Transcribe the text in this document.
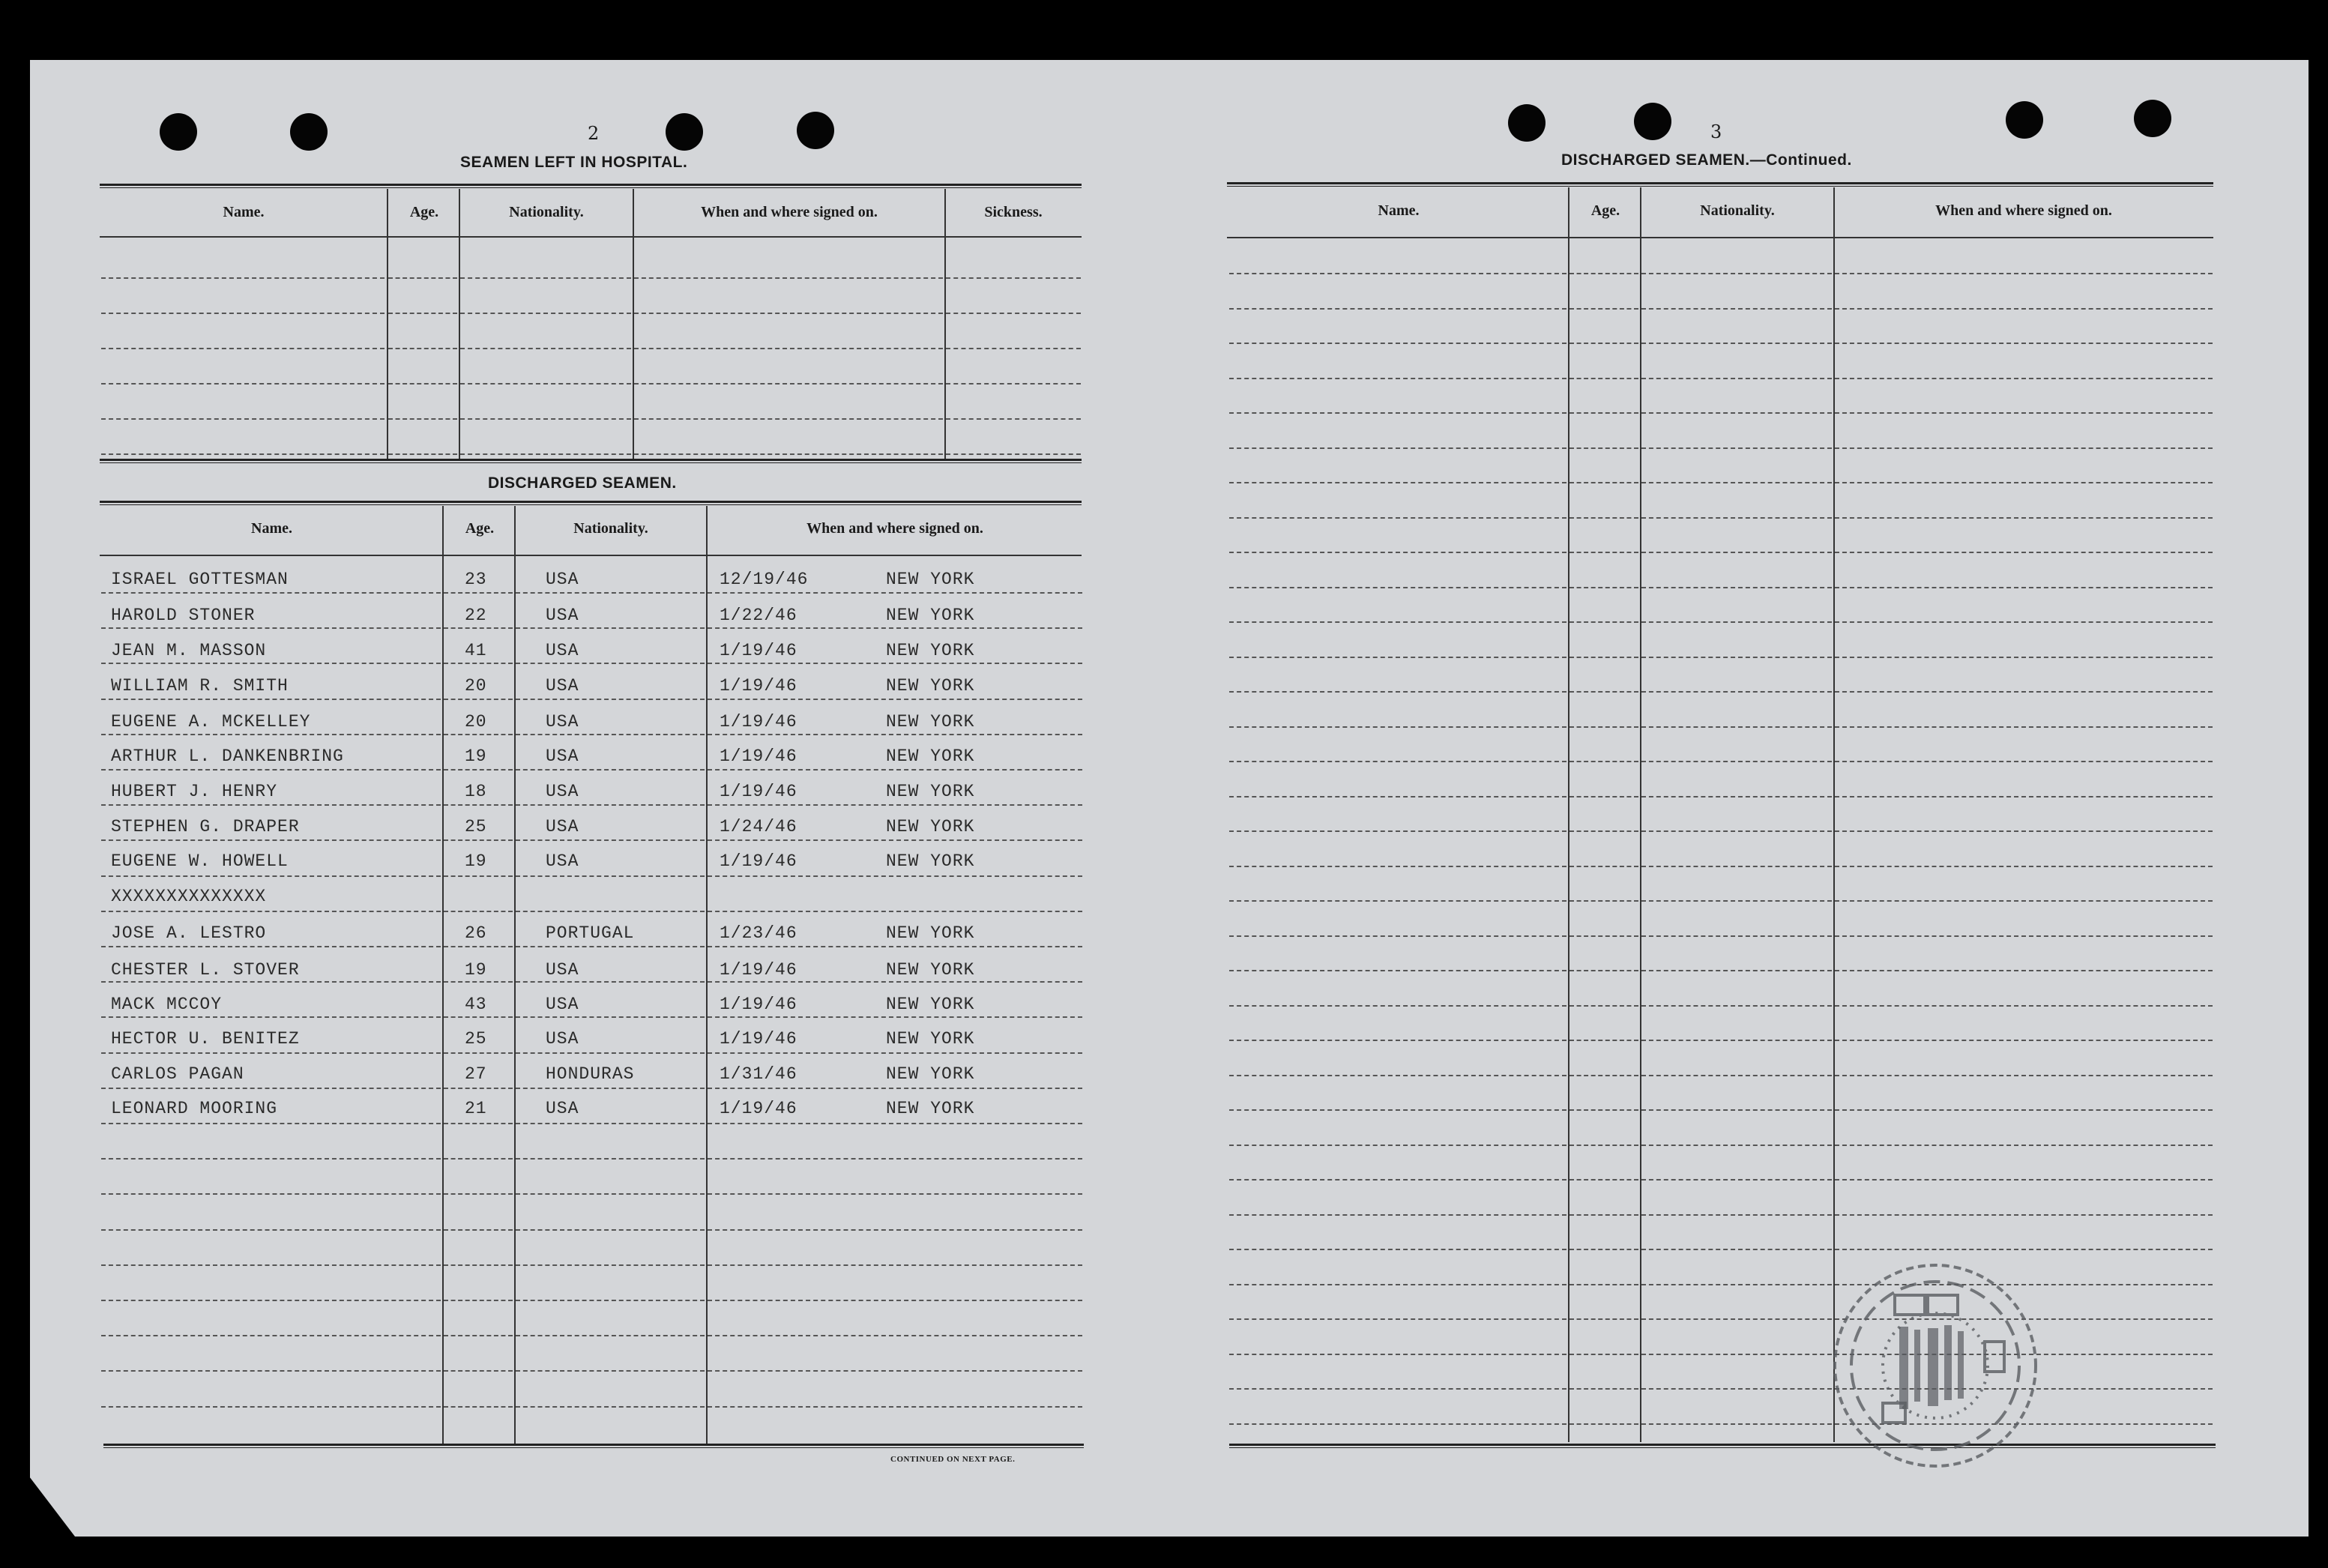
2
SEAMEN LEFT IN HOSPITAL.
Name.	Age.	Nationality.	When and where signed on.	Sickness.
DISCHARGED SEAMEN.
Name.	Age.	Nationality.	When and where signed on.
ISRAEL GOTTESMAN	23	USA	12/19/46	NEW YORK
HAROLD STONER	22	USA	1/22/46	NEW YORK
JEAN M. MASSON	41	USA	1/19/46	NEW YORK
WILLIAM R. SMITH	20	USA	1/19/46	NEW YORK
EUGENE A. MCKELLEY	20	USA	1/19/46	NEW YORK
ARTHUR L. DANKENBRING	19	USA	1/19/46	NEW YORK
HUBERT J. HENRY	18	USA	1/19/46	NEW YORK
STEPHEN G. DRAPER	25	USA	1/24/46	NEW YORK
EUGENE W. HOWELL	19	USA	1/19/46	NEW YORK
XXXXXXXXXXXXXX
JOSE A. LESTRO	26	PORTUGAL	1/23/46	NEW YORK
CHESTER L. STOVER	19	USA	1/19/46	NEW YORK
MACK MCCOY	43	USA	1/19/46	NEW YORK
HECTOR U. BENITEZ	25	USA	1/19/46	NEW YORK
CARLOS PAGAN	27	HONDURAS	1/31/46	NEW YORK
LEONARD MOORING	21	USA	1/19/46	NEW YORK
CONTINUED ON NEXT PAGE.
3
DISCHARGED SEAMEN.—Continued.
Name.	Age.	Nationality.	When and where signed on.
